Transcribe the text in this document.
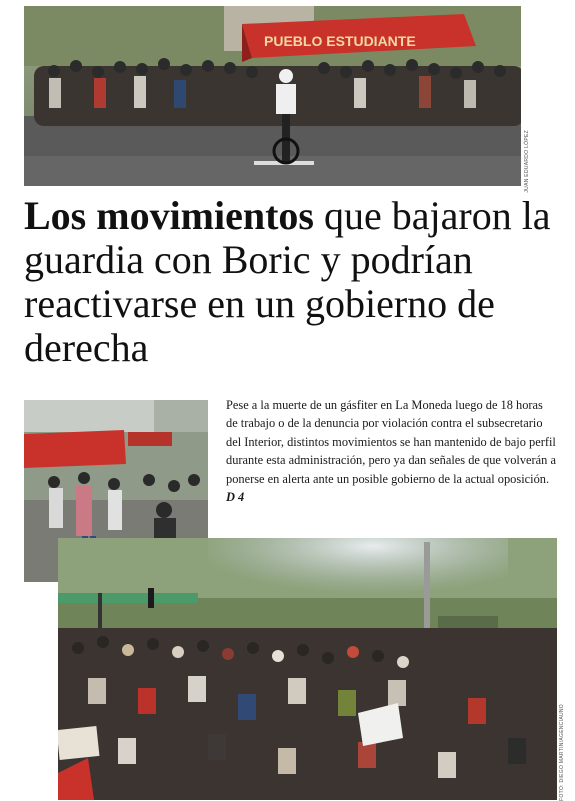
PUEBLO ESTUDIANTE
JUAN EDUARDO LÓPEZ
Los movimientos que bajaron la guardia con Boric y podrían reactivarse en un gobierno de derecha

Pese a la muerte de un gásfiter en La Moneda luego de 18 horas de trabajo o de la denuncia por violación contra el subsecretario del Interior, distintos movimientos se han mantenido de bajo perfil durante esta administración, pero ya dan señales de que volverán a ponerse en alerta ante un posible gobierno de la actual oposición. D 4

FOTO: DIEGO MARTIN/AGENCIAUNO
